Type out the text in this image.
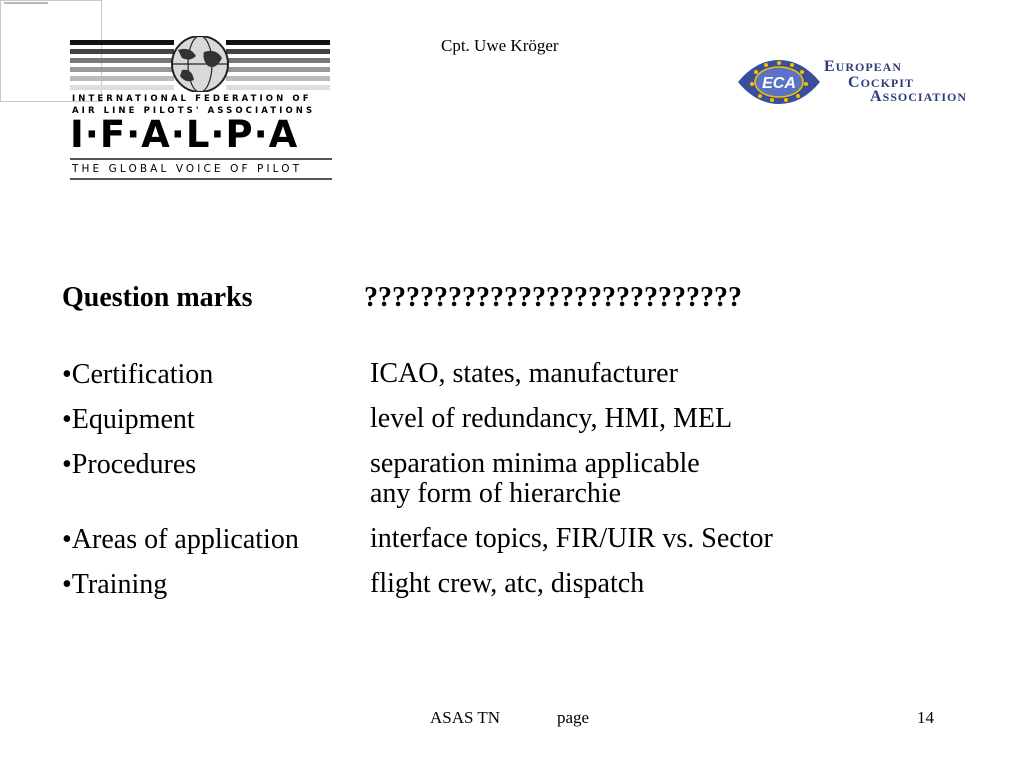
Cpt. Uwe Kröger
INTERNATIONAL FEDERATION OF
AIR LINE PILOTS' ASSOCIATIONS
I·F·A·L·P·A
THE GLOBAL VOICE OF PILOT
ECA
EUROPEAN
COCKPIT
ASSOCIATION
Question marks	???????????????????????????
•Certification	ICAO, states, manufacturer
•Equipment	level of redundancy, HMI, MEL
•Procedures	separation minima applicable
any form of hierarchie
•Areas of application	interface topics, FIR/UIR vs. Sector
•Training	flight crew, atc, dispatch
ASAS TN	page	14
